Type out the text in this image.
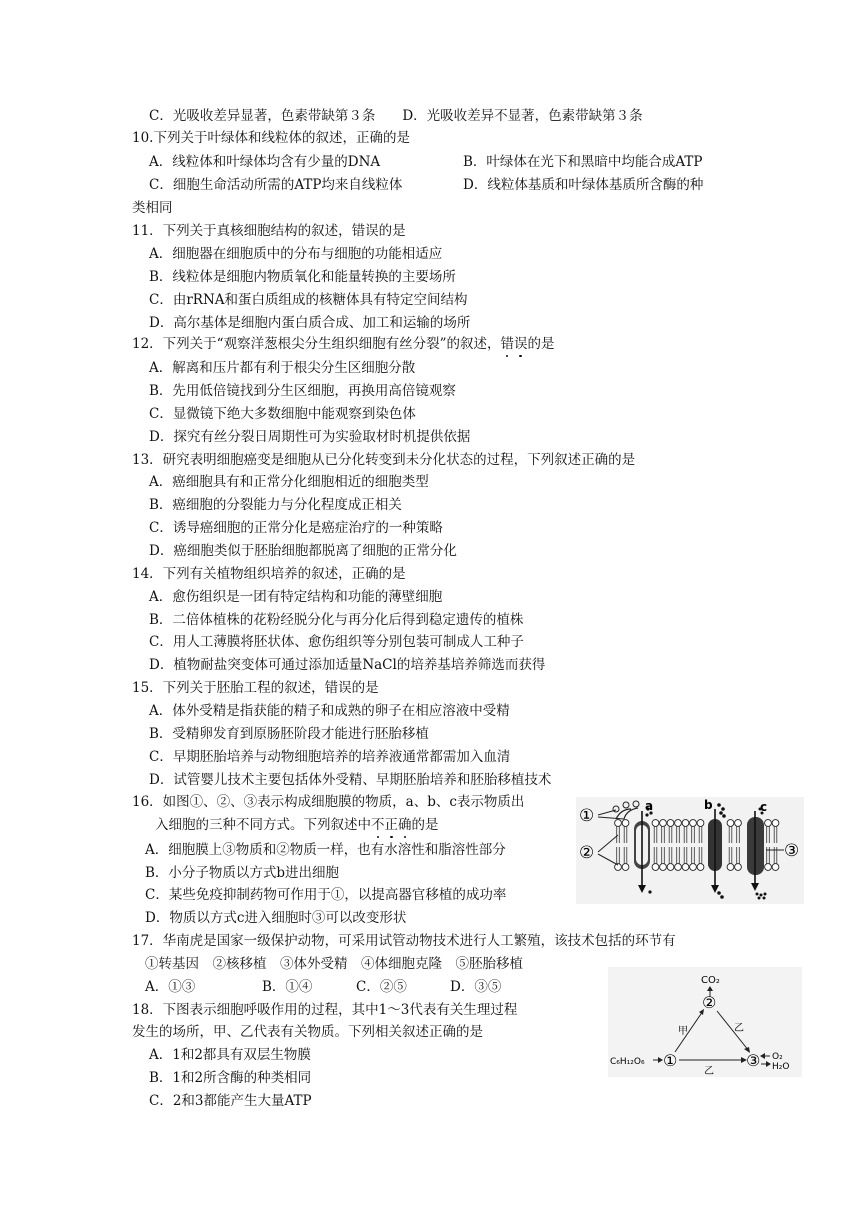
C．光吸收差异显著，色素带缺第３条　　D．光吸收差异不显著，色素带缺第３条
10.下列关于叶绿体和线粒体的叙述，正确的是
A．线粒体和叶绿体均含有少量的DNA	B．叶绿体在光下和黑暗中均能合成ATP
C．细胞生命活动所需的ATP均来自线粒体	D．线粒体基质和叶绿体基质所含酶的种
类相同
11．下列关于真核细胞结构的叙述，错误的是
A．细胞器在细胞质中的分布与细胞的功能相适应
B．线粒体是细胞内物质氧化和能量转换的主要场所
C．由rRNA和蛋白质组成的核糖体具有特定空间结构
D．高尔基体是细胞内蛋白质合成、加工和运输的场所
12．下列关于“观察洋葱根尖分生组织细胞有丝分裂”的叙述，错误的是
A．解离和压片都有利于根尖分生区细胞分散
B．先用低倍镜找到分生区细胞，再换用高倍镜观察
C．显微镜下绝大多数细胞中能观察到染色体
D．探究有丝分裂日周期性可为实验取材时机提供依据
13．研究表明细胞癌变是细胞从已分化转变到未分化状态的过程，下列叙述正确的是
A．癌细胞具有和正常分化细胞相近的细胞类型
B．癌细胞的分裂能力与分化程度成正相关
C．诱导癌细胞的正常分化是癌症治疗的一种策略
D．癌细胞类似于胚胎细胞都脱离了细胞的正常分化
14．下列有关植物组织培养的叙述，正确的是
A．愈伤组织是一团有特定结构和功能的薄壁细胞
B．二倍体植株的花粉经脱分化与再分化后得到稳定遗传的植株
C．用人工薄膜将胚状体、愈伤组织等分别包装可制成人工种子
D．植物耐盐突变体可通过添加适量NaCl的培养基培养筛选而获得
15．下列关于胚胎工程的叙述，错误的是
A．体外受精是指获能的精子和成熟的卵子在相应溶液中受精
B．受精卵发育到原肠胚阶段才能进行胚胎移植
C．早期胚胎培养与动物细胞培养的培养液通常都需加入血清
D．试管婴儿技术主要包括体外受精、早期胚胎培养和胚胎移植技术
16．如图①、②、③表示构成细胞膜的物质，a、b、c表示物质出
入细胞的三种不同方式。下列叙述中不正确的是
A．细胞膜上③物质和②物质一样，也有水溶性和脂溶性部分
B．小分子物质以方式b进出细胞
C．某些免疫抑制药物可作用于①，以提高器官移植的成功率
D．物质以方式c进入细胞时③可以改变形状
17．华南虎是国家一级保护动物，可采用试管动物技术进行人工繁殖，该技术包括的环节有
①转基因　②核移植　③体外受精　④体细胞克隆　⑤胚胎移植
A．①③	B．①④	C．②⑤	D．③⑤
18．下图表示细胞呼吸作用的过程，其中1～3代表有关生理过程
发生的场所，甲、乙代表有关物质。下列相关叙述正确的是
A．1和2都具有双层生物膜
B．1和2所含酶的种类相同
C．2和3都能产生大量ATP
①
②	③
a	b	c
CO₂
②
①	③
C₆H₁₂O₆
甲	乙
乙
O₂
H₂O
